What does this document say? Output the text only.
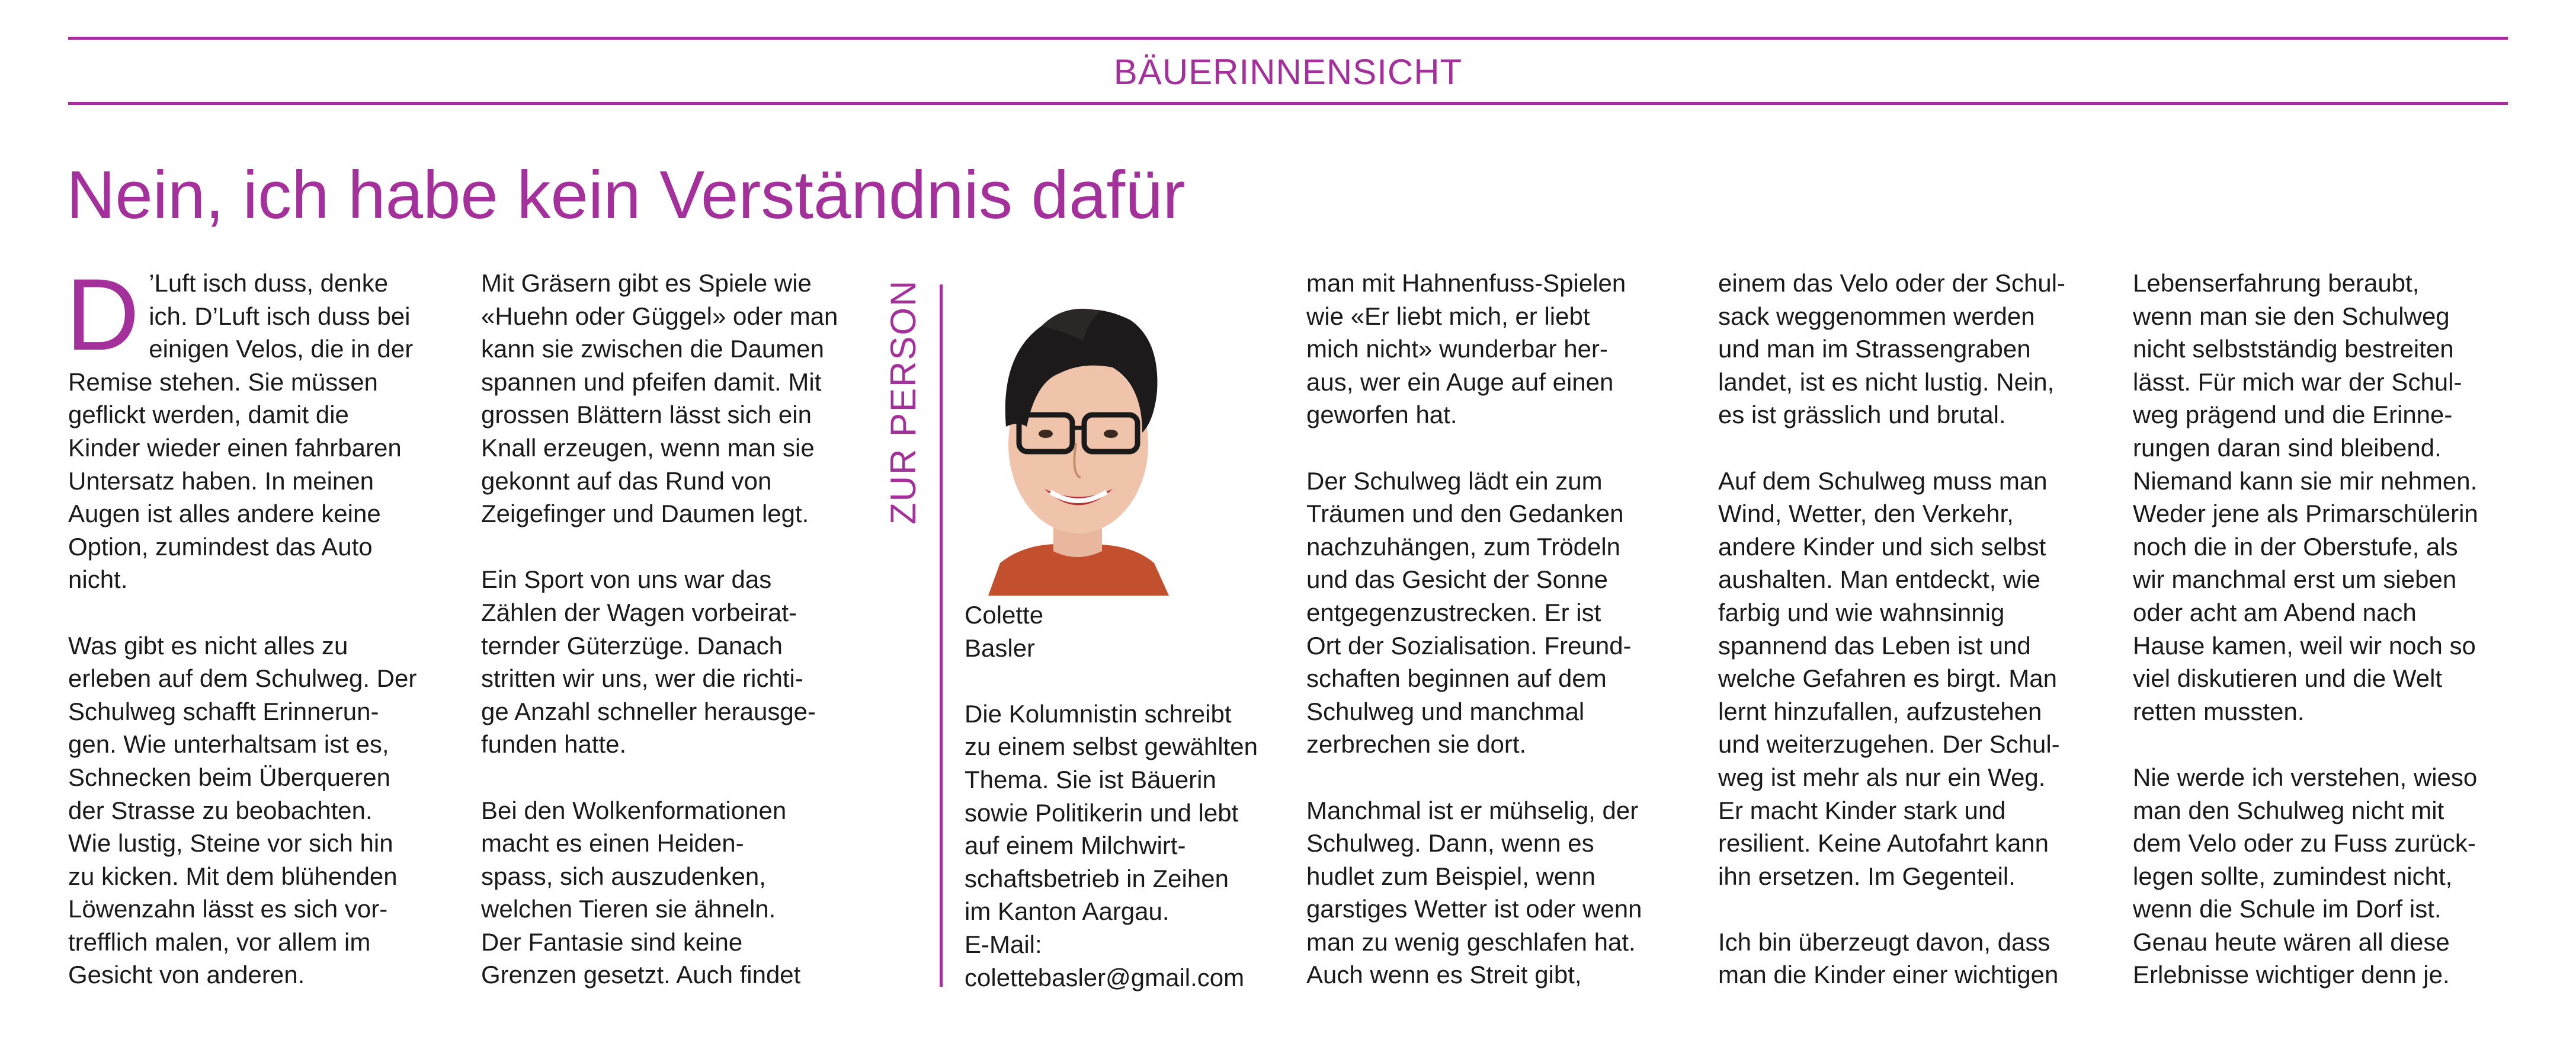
BÄUERINNENSICHT
Nein, ich habe kein Verständnis dafür

D ’Luft isch duss, denke
ich. D’Luft isch duss bei
einigen Velos, die in der
Remise stehen. Sie müssen
geflickt werden, damit die
Kinder wieder einen fahrbaren
Untersatz haben. In meinen
Augen ist alles andere keine
Option, zumindest das Auto
nicht.

Was gibt es nicht alles zu
erleben auf dem Schulweg. Der
Schulweg schafft Erinnerun-
gen. Wie unterhaltsam ist es,
Schnecken beim Überqueren
der Strasse zu beobachten.
Wie lustig, Steine vor sich hin
zu kicken. Mit dem blühenden
Löwenzahn lässt es sich vor-
trefflich malen, vor allem im
Gesicht von anderen.

Mit Gräsern gibt es Spiele wie
«Huehn oder Güggel» oder man
kann sie zwischen die Daumen
spannen und pfeifen damit. Mit
grossen Blättern lässt sich ein
Knall erzeugen, wenn man sie
gekonnt auf das Rund von
Zeigefinger und Daumen legt.

Ein Sport von uns war das
Zählen der Wagen vorbeirat-
ternder Güterzüge. Danach
stritten wir uns, wer die richti-
ge Anzahl schneller herausge-
funden hatte.

Bei den Wolkenformationen
macht es einen Heiden-
spass, sich auszudenken,
welchen Tieren sie ähneln.
Der Fantasie sind keine
Grenzen gesetzt. Auch findet

ZUR PERSON

Colette
Basler

Die Kolumnistin schreibt
zu einem selbst gewählten
Thema. Sie ist Bäuerin
sowie Politikerin und lebt
auf einem Milchwirt-
schaftsbetrieb in Zeihen
im Kanton Aargau.
E-Mail:
colettebasler@gmail.com

man mit Hahnenfuss-Spielen
wie «Er liebt mich, er liebt
mich nicht» wunderbar her-
aus, wer ein Auge auf einen
geworfen hat.

Der Schulweg lädt ein zum
Träumen und den Gedanken
nachzuhängen, zum Trödeln
und das Gesicht der Sonne
entgegenzustrecken. Er ist
Ort der Sozialisation. Freund-
schaften beginnen auf dem
Schulweg und manchmal
zerbrechen sie dort.

Manchmal ist er mühselig, der
Schulweg. Dann, wenn es
hudlet zum Beispiel, wenn
garstiges Wetter ist oder wenn
man zu wenig geschlafen hat.
Auch wenn es Streit gibt,

einem das Velo oder der Schul-
sack weggenommen werden
und man im Strassengraben
landet, ist es nicht lustig. Nein,
es ist grässlich und brutal.

Auf dem Schulweg muss man
Wind, Wetter, den Verkehr,
andere Kinder und sich selbst
aushalten. Man entdeckt, wie
farbig und wie wahnsinnig
spannend das Leben ist und
welche Gefahren es birgt. Man
lernt hinzufallen, aufzustehen
und weiterzugehen. Der Schul-
weg ist mehr als nur ein Weg.
Er macht Kinder stark und
resilient. Keine Autofahrt kann
ihn ersetzen. Im Gegenteil.

Ich bin überzeugt davon, dass
man die Kinder einer wichtigen

Lebenserfahrung beraubt,
wenn man sie den Schulweg
nicht selbstständig bestreiten
lässt. Für mich war der Schul-
weg prägend und die Erinne-
rungen daran sind bleibend.
Niemand kann sie mir nehmen.
Weder jene als Primarschülerin
noch die in der Oberstufe, als
wir manchmal erst um sieben
oder acht am Abend nach
Hause kamen, weil wir noch so
viel diskutieren und die Welt
retten mussten.

Nie werde ich verstehen, wieso
man den Schulweg nicht mit
dem Velo oder zu Fuss zurück-
legen sollte, zumindest nicht,
wenn die Schule im Dorf ist.
Genau heute wären all diese
Erlebnisse wichtiger denn je.
